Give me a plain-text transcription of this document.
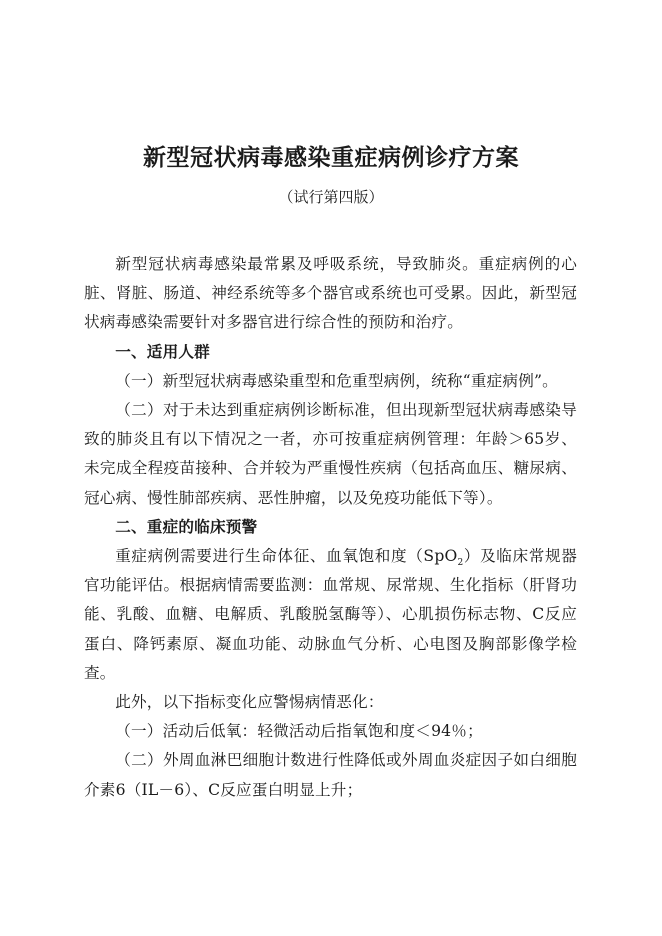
新型冠状病毒感染重症病例诊疗方案
（试行第四版）

新型冠状病毒感染最常累及呼吸系统，导致肺炎。重症病例的心脏、肾脏、肠道、神经系统等多个器官或系统也可受累。因此，新型冠状病毒感染需要针对多器官进行综合性的预防和治疗。

一、适用人群

（一）新型冠状病毒感染重型和危重型病例，统称“重症病例”。

（二）对于未达到重症病例诊断标准，但出现新型冠状病毒感染导致的肺炎且有以下情况之一者，亦可按重症病例管理：年龄＞65岁、未完成全程疫苗接种、合并较为严重慢性疾病（包括高血压、糖尿病、冠心病、慢性肺部疾病、恶性肿瘤，以及免疫功能低下等）。

二、重症的临床预警

重症病例需要进行生命体征、血氧饱和度（SpO$_2$）及临床常规器官功能评估。根据病情需要监测：血常规、尿常规、生化指标（肝肾功能、乳酸、血糖、电解质、乳酸脱氢酶等）、心肌损伤标志物、C反应蛋白、降钙素原、凝血功能、动脉血气分析、心电图及胸部影像学检查。

此外，以下指标变化应警惕病情恶化：

（一）活动后低氧：轻微活动后指氧饱和度＜94％；

（二）外周血淋巴细胞计数进行性降低或外周血炎症因子如白细胞介素6（IL－6）、C反应蛋白明显上升；
